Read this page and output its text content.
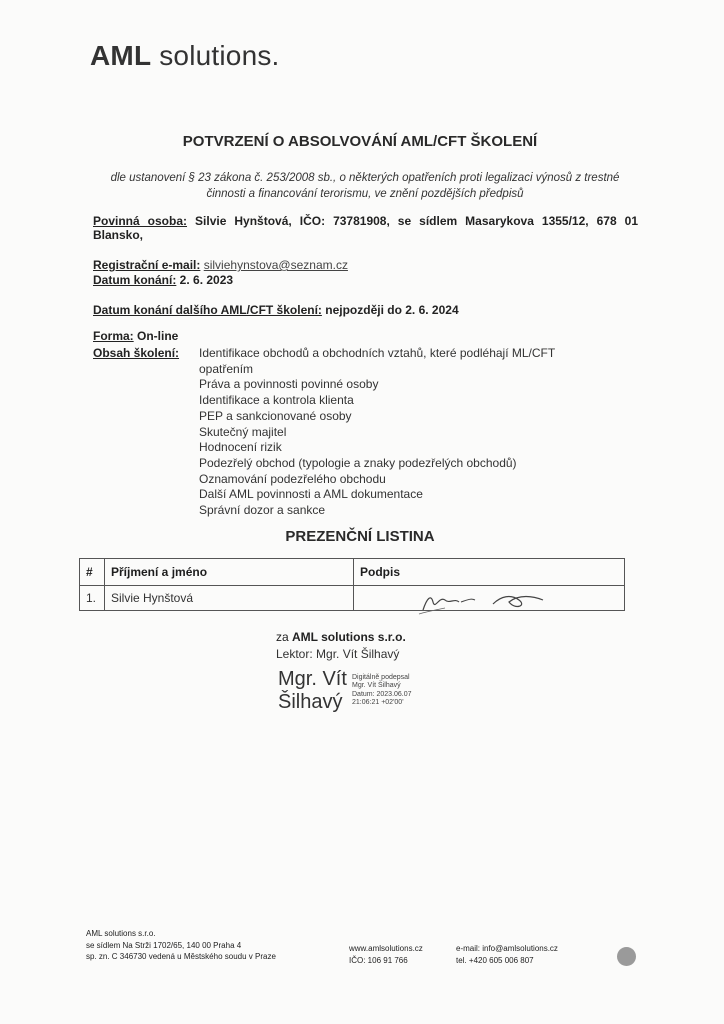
AML solutions.
POTVRZENÍ O ABSOLVOVÁNÍ AML/CFT ŠKOLENÍ
dle ustanovení § 23 zákona č. 253/2008 sb., o některých opatřeních proti legalizaci výnosů z trestné činnosti a financování terorismu, ve znění pozdějších předpisů
Povinná osoba: Silvie Hynštová, IČO: 73781908, se sídlem Masarykova 1355/12, 678 01
Blansko,
Registrační e-mail: silviehynstova@seznam.cz
Datum konání: 2. 6. 2023
Datum konání dalšího AML/CFT školení: nejpozději do 2. 6. 2024
Forma: On-line
Obsah školení: Identifikace obchodů a obchodních vztahů, které podléhají ML/CFT
opatřením
Práva a povinnosti povinné osoby
Identifikace a kontrola klienta
PEP a sankcionované osoby
Skutečný majitel
Hodnocení rizik
Podezřelý obchod (typologie a znaky podezřelých obchodů)
Oznamování podezřelého obchodu
Další AML povinnosti a AML dokumentace
Správní dozor a sankce
PREZENČNÍ LISTINA
#	Příjmení a jméno	Podpis
1.	Silvie Hynštová	
za AML solutions s.r.o.
Lektor: Mgr. Vít Šilhavý
Mgr. Vít
Šilhavý
Digitálně podepsal
Mgr. Vít Šilhavý
Datum: 2023.06.07
21:06:21 +02'00'
AML solutions s.r.o.
se sídlem Na Strži 1702/65, 140 00 Praha 4
sp. zn. C 346730 vedená u Městského soudu v Praze
www.amlsolutions.cz
IČO: 106 91 766
e-mail: info@amlsolutions.cz
tel. +420 605 006 807
